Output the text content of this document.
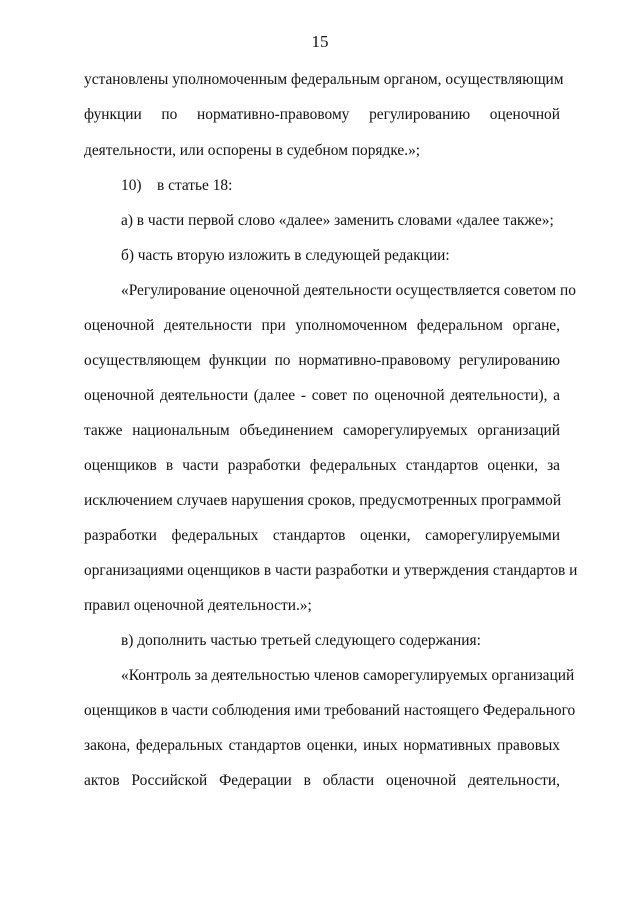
15
установлены уполномоченным федеральным органом, осуществляющим
функции по нормативно-правовому регулированию оценочной
деятельности, или оспорены в судебном порядке.»;
10) в статье 18:
а) в части первой слово «далее» заменить словами «далее также»;
б) часть вторую изложить в следующей редакции:
«Регулирование оценочной деятельности осуществляется советом по
оценочной деятельности при уполномоченном федеральном органе,
осуществляющем функции по нормативно-правовому регулированию
оценочной деятельности (далее - совет по оценочной деятельности), а
также национальным объединением саморегулируемых организаций
оценщиков в части разработки федеральных стандартов оценки, за
исключением случаев нарушения сроков, предусмотренных программой
разработки федеральных стандартов оценки, саморегулируемыми
организациями оценщиков в части разработки и утверждения стандартов и
правил оценочной деятельности.»;
в) дополнить частью третьей следующего содержания:
«Контроль за деятельностью членов саморегулируемых организаций
оценщиков в части соблюдения ими требований настоящего Федерального
закона, федеральных стандартов оценки, иных нормативных правовых
актов Российской Федерации в области оценочной деятельности,
